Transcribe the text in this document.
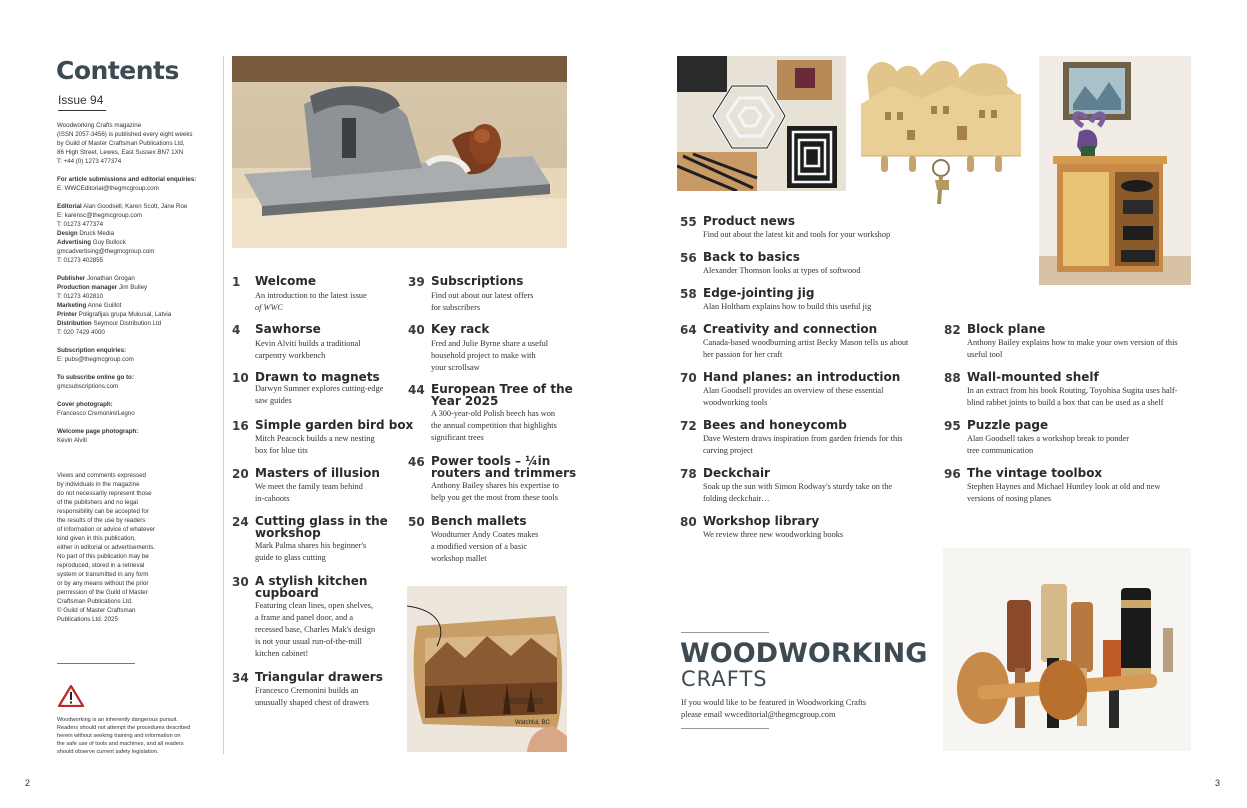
Contents
Issue 94
Woodworking Crafts magazine
(ISSN 2057-3456) is published every eight weeks
by Guild of Master Craftsman Publications Ltd,
86 High Street, Lewes, East Sussex BN7 1XN
T: +44 (0) 1273 477374
For article submissions and editorial enquiries:
E: WWCEditorial@thegmcgroup.com
Editorial Alan Goodsell, Karen Scott, Jane Roe
E: karensc@thegmcgroup.com
T: 01273 477374
Design Druck Media
Advertising Guy Bullock
gmcadvertising@thegmcgroup.com
T: 01273 402855
Publisher Jonathan Grogan
Production manager Jim Bulley
T: 01273 402810
Marketing Anne Guillot
Printer Poligrafijas grupa Mukusal, Latvia
Distribution Seymour Distribution Ltd
T: 020 7429 4000
Subscription enquiries:
E: pubs@thegmcgroup.com
To subscribe online go to:
gmcsubscriptions.com
Cover photograph:
Francesco Cremonini/Legno
Welcome page photograph:
Kevin Alviti
Views and comments expressed
by individuals in the magazine
do not necessarily represent those
of the publishers and no legal
responsibility can be accepted for
the results of the use by readers
of information or advice of whatever
kind given in this publication,
either in editorial or advertisements.
No part of this publication may be
reproduced, stored in a retrieval
system or transmitted in any form
or by any means without the prior
permission of the Guild of Master
Craftsman Publications Ltd.
© Guild of Master Craftsman
Publications Ltd. 2025
Woodworking is an inherently dangerous pursuit.
Readers should not attempt the procedures described
herein without seeking training and information on
the safe use of tools and machines, and all readers
should observe current safety legislation.
Watchful, BC
1 Welcome
An introduction to the latest issue
of WWC
4 Sawhorse
Kevin Alviti builds a traditional
carpentry workbench
10 Drawn to magnets
Darwyn Sumner explores cutting-edge
saw guides
16 Simple garden bird box
Mitch Peacock builds a new nesting
box for blue tits
20 Masters of illusion
We meet the family team behind
in-cahoots
24 Cutting glass in the
workshop
Mark Palma shares his beginner's
guide to glass cutting
30 A stylish kitchen
cupboard
Featuring clean lines, open shelves,
a frame and panel door, and a
recessed base, Charles Mak's design
is not your usual run-of-the-mill
kitchen cabinet!
34 Triangular drawers
Francesco Cremonini builds an
unusually shaped chest of drawers
39 Subscriptions
Find out about our latest offers
for subscribers
40 Key rack
Fred and Julie Byrne share a useful
household project to make with
your scrollsaw
44 European Tree of the
Year 2025
A 300-year-old Polish beech has won
the annual competition that highlights
significant trees
46 Power tools – ¼in
routers and trimmers
Anthony Bailey shares his expertise to
help you get the most from these tools
50 Bench mallets
Woodturner Andy Coates makes
a modified version of a basic
workshop mallet
55 Product news
Find out about the latest kit and tools for your workshop
56 Back to basics
Alexander Thomson looks at types of softwood
58 Edge-jointing jig
Alan Holtham explains how to build this useful jig
64 Creativity and connection
Canada-based woodburning artist Becky Mason tells us about
her passion for her craft
70 Hand planes: an introduction
Alan Goodsell provides an overview of these essential
woodworking tools
72 Bees and honeycomb
Dave Western draws inspiration from garden friends for this
carving project
78 Deckchair
Soak up the sun with Simon Rodway's sturdy take on the
folding deckchair…
80 Workshop library
We review three new woodworking books
82 Block plane
Anthony Bailey explains how to make your own version of this
useful tool
88 Wall-mounted shelf
In an extract from his book Routing, Toyohisa Sugita uses half-
blind rabbet joints to build a box that can be used as a shelf
95 Puzzle page
Alan Goodsell takes a workshop break to ponder
tree communication
96 The vintage toolbox
Stephen Haynes and Michael Huntley look at old and new
versions of nosing planes
WOODWORKING
CRAFTS
If you would like to be featured in Woodworking Crafts
please email wwceditorial@thegmcgroup.com
2	3
